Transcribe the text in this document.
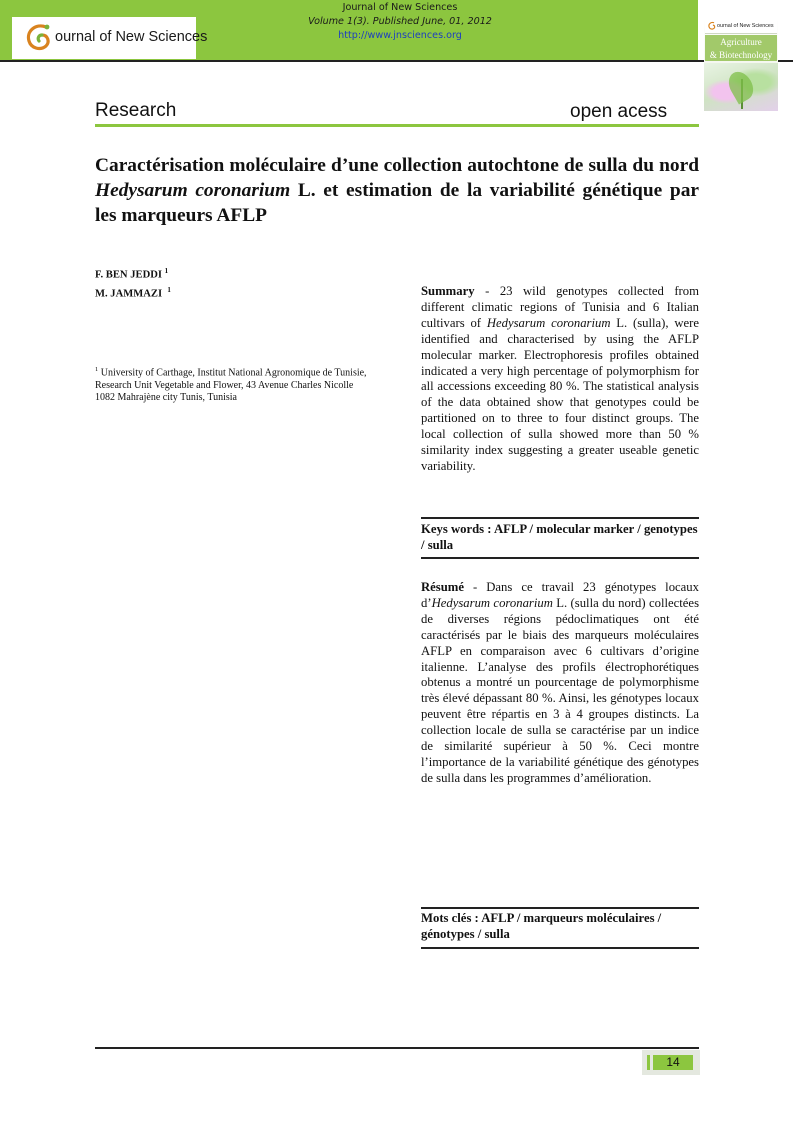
ournal of New Sciences
Journal of New Sciences
Volume 1(3). Published June, 01, 2012
http://www.jnsciences.org
ournal of New Sciences
Agriculture
& Biotechnology
Research	open acess
Caractérisation moléculaire d’une collection autochtone de sulla du nord Hedysarum coronarium L. et estimation de la variabilité génétique par les marqueurs AFLP
F. BEN JEDDI $^1$
M. JAMMAZI $^1$
$^1$ University of Carthage, Institut National Agronomique de Tunisie, Research Unit Vegetable and Flower, 43 Avenue Charles Nicolle 1082 Mahrajène city Tunis, Tunisia
Summary - 23 wild genotypes collected from different climatic regions of Tunisia and 6 Italian cultivars of Hedysarum coronarium L. (sulla), were identified and characterised by using the AFLP molecular marker. Electrophoresis profiles obtained indicated a very high percentage of polymorphism for all accessions exceeding 80 %. The statistical analysis of the data obtained show that genotypes could be partitioned on to three to four distinct groups. The local collection of sulla showed more than 50 % similarity index suggesting a greater useable genetic variability.
Keys words : AFLP / molecular marker / genotypes / sulla
Résumé - Dans ce travail 23 génotypes locaux d’Hedysarum coronarium L. (sulla du nord) collectées de diverses régions pédoclimatiques ont été caractérisés par le biais des marqueurs moléculaires AFLP en comparaison avec 6 cultivars d’origine italienne. L’analyse des profils électrophorétiques obtenus a montré un pourcentage de polymorphisme très élevé dépassant 80 %. Ainsi, les génotypes locaux peuvent être répartis en 3 à 4 groupes distincts. La collection locale de sulla se caractérise par un indice de similarité supérieur à 50 %. Ceci montre l’importance de la variabilité génétique des génotypes de sulla dans les programmes d’amélioration.
Mots clés : AFLP / marqueurs moléculaires / génotypes / sulla
14
